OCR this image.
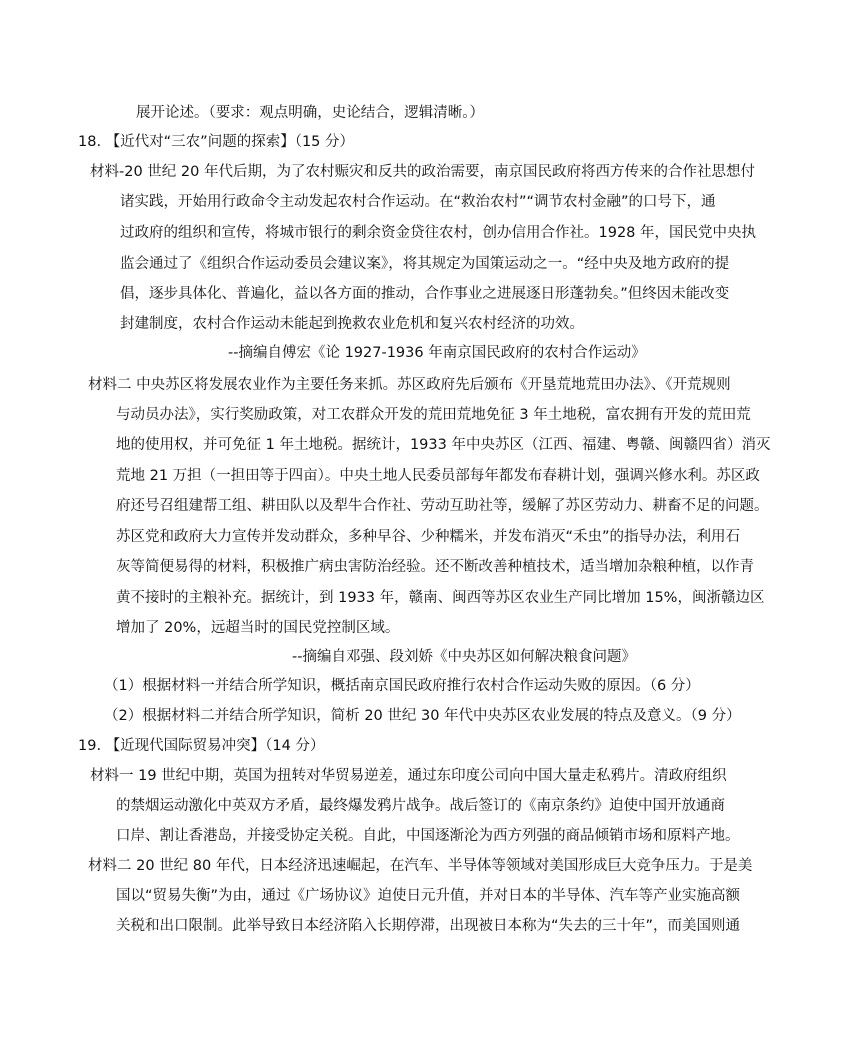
展开论述。（要求：观点明确，史论结合，逻辑清晰。）
18. 【近代对“三农”问题的探索】（15 分）
材料-20 世纪 20 年代后期，为了农村赈灾和反共的政治需要，南京国民政府将西方传来的合作社思想付
诸实践，开始用行政命令主动发起农村合作运动。在“救治农村”“调节农村金融”的口号下，通
过政府的组织和宣传，将城市银行的剩余资金贷往农村，创办信用合作社。1928 年，国民党中央执
监会通过了《组织合作运动委员会建议案》，将其规定为国策运动之一。“经中央及地方政府的提
倡，逐步具体化、普遍化，益以各方面的推动，合作事业之进展逐日形蓬勃矣。”但终因未能改变
封建制度，农村合作运动未能起到挽救农业危机和复兴农村经济的功效。
--摘编自傅宏《论 1927-1936 年南京国民政府的农村合作运动》
材料二 中央苏区将发展农业作为主要任务来抓。苏区政府先后颁布《开垦荒地荒田办法》、《开荒规则
与动员办法》，实行奖励政策，对工农群众开发的荒田荒地免征 3 年土地税，富农拥有开发的荒田荒
地的使用权，并可免征 1 年土地税。据统计，1933 年中央苏区（江西、福建、粤赣、闽赣四省）消灭
荒地 21 万担（一担田等于四亩）。中央土地人民委员部每年都发布春耕计划，强调兴修水利。苏区政
府还号召组建帮工组、耕田队以及犁牛合作社、劳动互助社等，缓解了苏区劳动力、耕畜不足的问题。
苏区党和政府大力宣传并发动群众，多种早谷、少种糯米，并发布消灭“禾虫”的指导办法，利用石
灰等简便易得的材料，积极推广病虫害防治经验。还不断改善种植技术，适当增加杂粮种植，以作青
黄不接时的主粮补充。据统计，到 1933 年，赣南、闽西等苏区农业生产同比增加 15%，闽浙赣边区
增加了 20%，远超当时的国民党控制区域。
--摘编自邓强、段刘娇《中央苏区如何解决粮食问题》
（1）根据材料一并结合所学知识，概括南京国民政府推行农村合作运动失败的原因。（6 分）
（2）根据材料二并结合所学知识，简析 20 世纪 30 年代中央苏区农业发展的特点及意义。（9 分）
19. 【近现代国际贸易冲突】（14 分）
材料一 19 世纪中期，英国为扭转对华贸易逆差，通过东印度公司向中国大量走私鸦片。清政府组织
的禁烟运动激化中英双方矛盾，最终爆发鸦片战争。战后签订的《南京条约》迫使中国开放通商
口岸、割让香港岛，并接受协定关税。自此，中国逐渐沦为西方列强的商品倾销市场和原料产地。
材料二 20 世纪 80 年代，日本经济迅速崛起，在汽车、半导体等领域对美国形成巨大竞争压力。于是美
国以“贸易失衡”为由，通过《广场协议》迫使日元升值，并对日本的半导体、汽车等产业实施高额
关税和出口限制。此举导致日本经济陷入长期停滞，出现被日本称为“失去的三十年”，而美国则通
